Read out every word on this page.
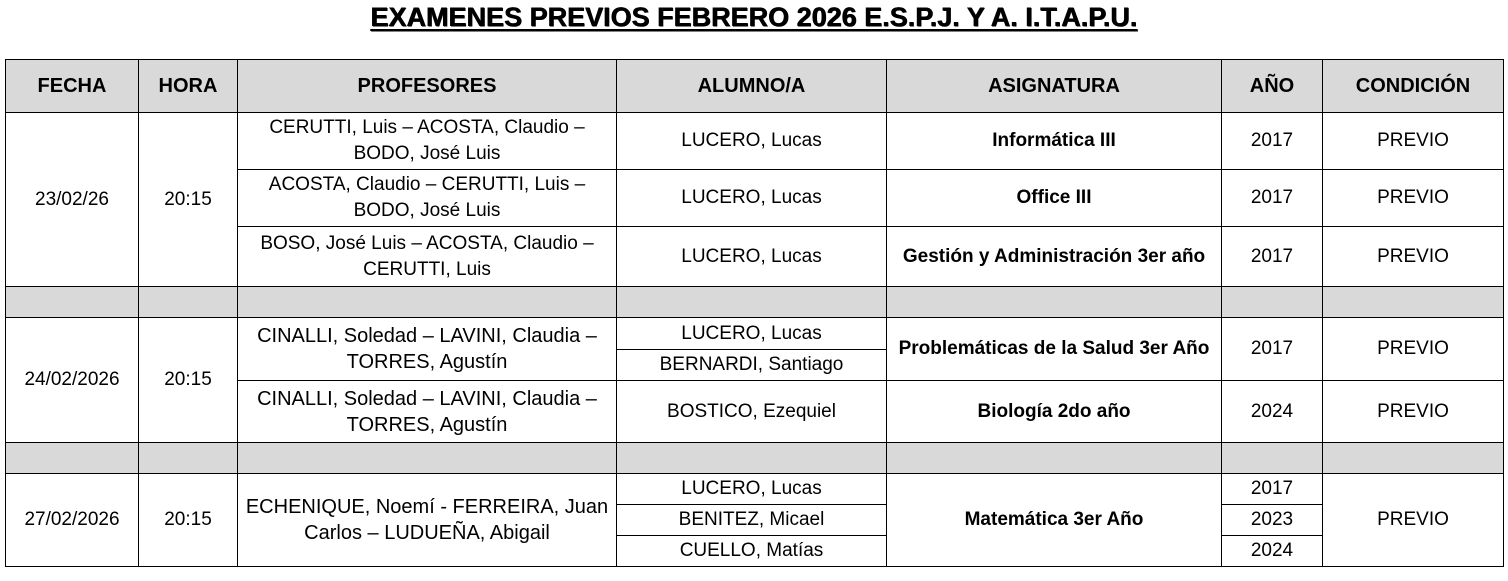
EXAMENES PREVIOS FEBRERO 2026 E.S.P.J. Y A. I.T.A.P.U.
FECHA	HORA	PROFESORES	ALUMNO/A	ASIGNATURA	AÑO	CONDICIÓN
23/02/26	20:15	CERUTTI, Luis – ACOSTA, Claudio – BODO, José Luis	LUCERO, Lucas	Informática III	2017	PREVIO
		ACOSTA, Claudio – CERUTTI, Luis – BODO, José Luis	LUCERO, Lucas	Office III	2017	PREVIO
		BOSO, José Luis – ACOSTA, Claudio – CERUTTI, Luis	LUCERO, Lucas	Gestión y Administración 3er año	2017	PREVIO

24/02/2026	20:15	CINALLI, Soledad – LAVINI, Claudia – TORRES, Agustín	LUCERO, Lucas	Problemáticas de la Salud 3er Año	2017	PREVIO
			BERNARDI, Santiago			
		CINALLI, Soledad – LAVINI, Claudia – TORRES, Agustín	BOSTICO, Ezequiel	Biología 2do año	2024	PREVIO

27/02/2026	20:15	ECHENIQUE, Noemí - FERREIRA, Juan Carlos – LUDUEÑA, Abigail	LUCERO, Lucas	Matemática 3er Año	2017	PREVIO
			BENITEZ, Micael		2023	
			CUELLO, Matías		2024	
